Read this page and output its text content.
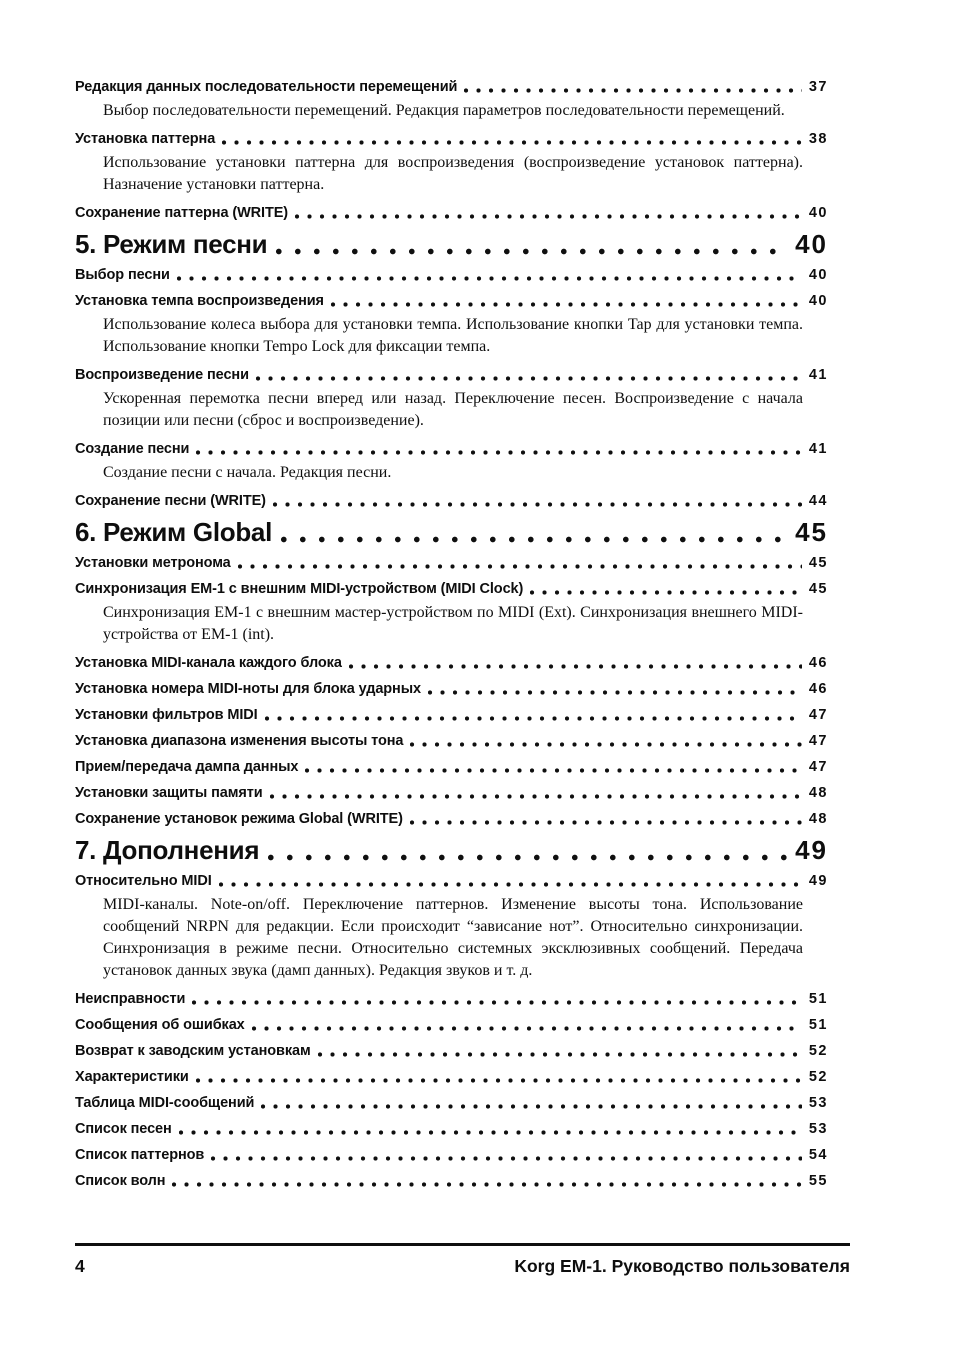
Редакция данных последовательности перемещений	37

Выбор последовательности перемещений. Редакция параметров последовательности перемещений.

Установка паттерна	38

Использование установки паттерна для воспроизведения (воспроизведение установок паттерна). Назначение установки паттерна.

Сохранение паттерна (WRITE)	40
5. Режим песни	40
Выбор песни	40
Установка темпа воспроизведения	40

Использование колеса выбора для установки темпа. Использование кнопки Tap для установки темпа. Использование кнопки Tempo Lock для фиксации темпа.

Воспроизведение песни	41

Ускоренная перемотка песни вперед или назад. Переключение песен. Воспроизведение с начала позиции или песни (сброс и воспроизведение).

Создание песни	41

Создание песни с начала. Редакция песни.

Сохранение песни (WRITE)	44
6. Режим Global	45
Установки метронома	45
Синхронизация EM-1 с внешним MIDI-устройством (MIDI Clock)	45

Синхронизация EM-1 с внешним мастер-устройством по MIDI (Ext). Синхронизация внешнего MIDI-устройства от EM-1 (int).

Установка MIDI-канала каждого блока	46
Установка номера MIDI-ноты для блока ударных	46
Установки фильтров MIDI	47
Установка диапазона изменения высоты тона	47
Прием/передача дампа данных	47
Установки защиты памяти	48
Сохранение установок режима Global (WRITE)	48
7. Дополнения	49
Относительно MIDI	49

MIDI-каналы. Note-on/off. Переключение паттернов. Изменение высоты тона. Использование сообщений NRPN для редакции. Если происходит “зависание нот”. Относительно синхронизации. Синхронизация в режиме песни. Относительно системных эксклюзивных сообщений. Передача установок данных звука (дамп данных). Редакция звуков и т. д.

Неисправности	51
Сообщения об ошибках	51
Возврат к заводским установкам	52
Характеристики	52
Таблица MIDI-сообщений	53
Список песен	53
Список паттернов	54
Список волн	55
4	Korg EM-1. Руководство пользователя
